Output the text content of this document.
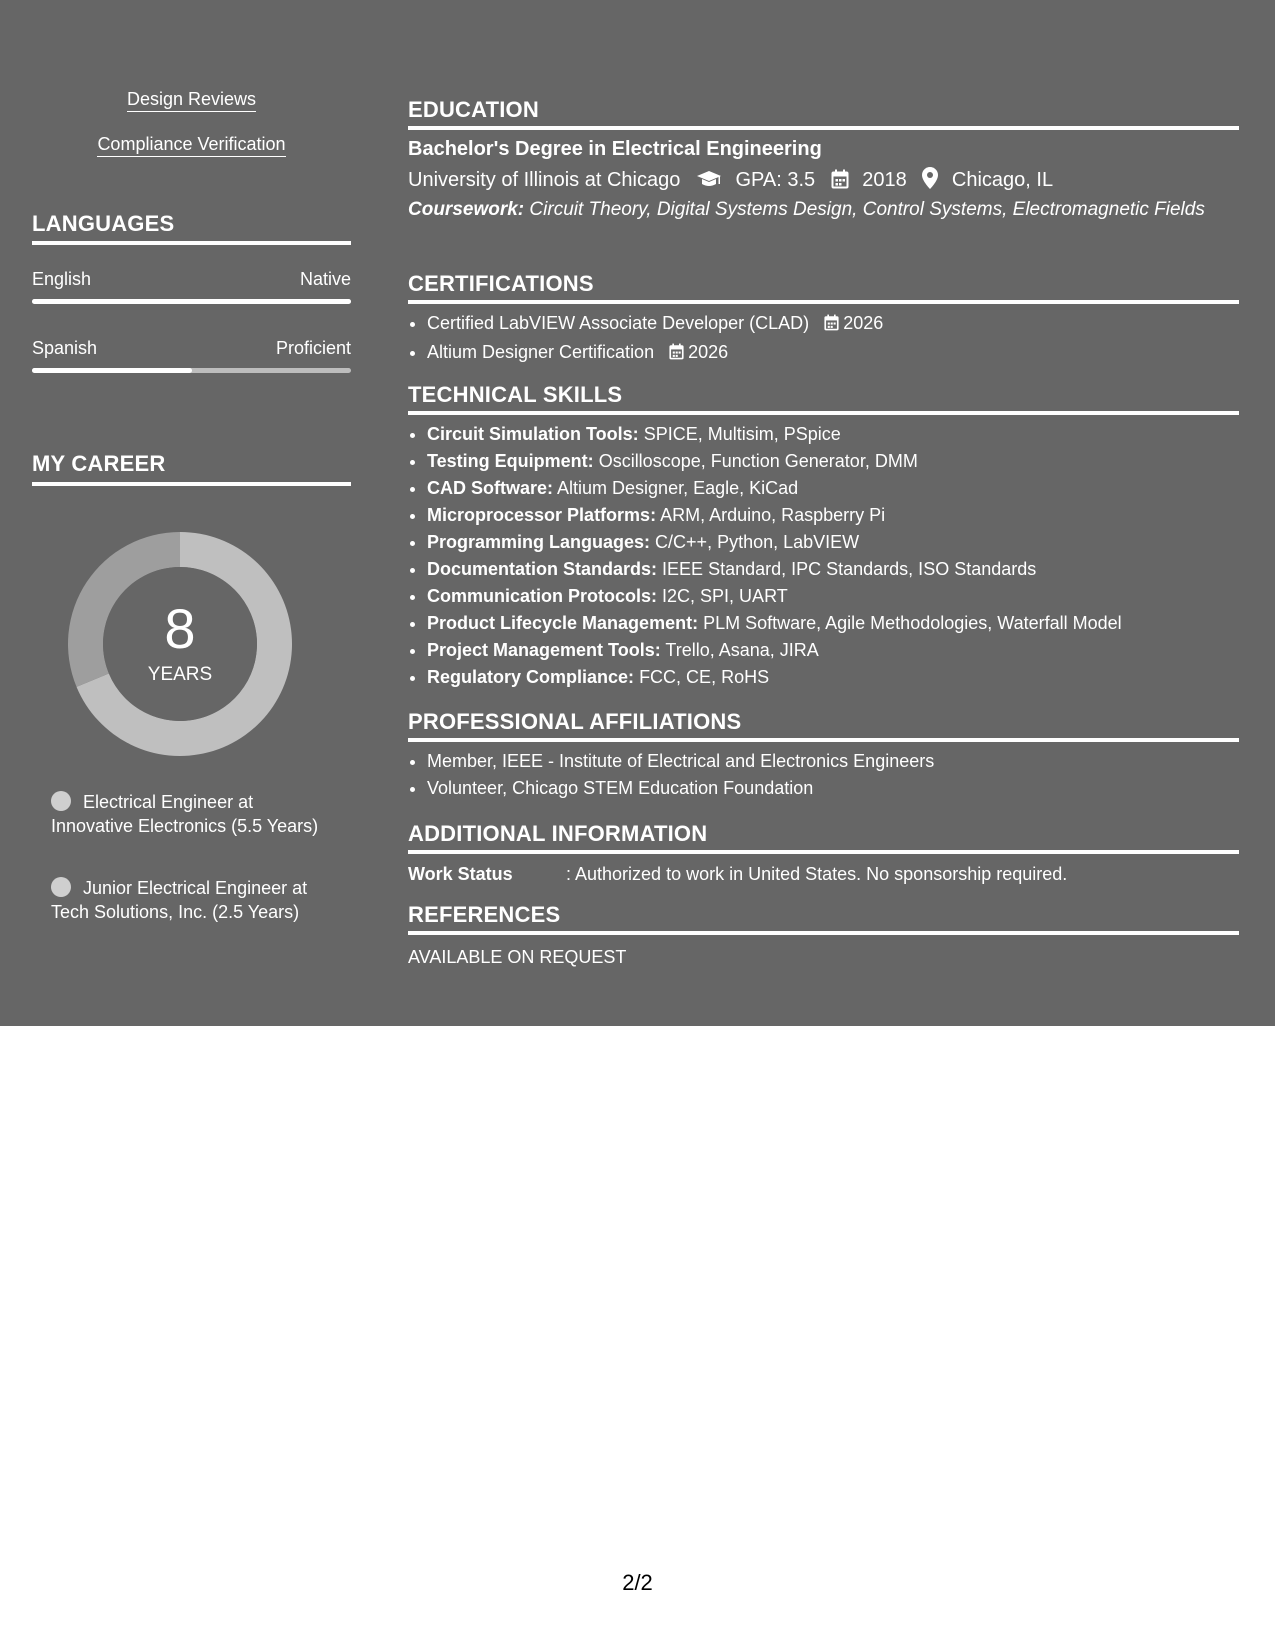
Design Reviews
Compliance Verification
LANGUAGES
English	Native
Spanish	Proficient
MY CAREER
8
YEARS
Electrical Engineer at Innovative Electronics (5.5 Years)
Junior Electrical Engineer at Tech Solutions, Inc. (2.5 Years)
EDUCATION
Bachelor's Degree in Electrical Engineering
University of Illinois at Chicago	GPA: 3.5 2018 Chicago, IL
Coursework: Circuit Theory, Digital Systems Design, Control Systems, Electromagnetic Fields
CERTIFICATIONS
• Certified LabVIEW Associate Developer (CLAD) 2026
• Altium Designer Certification 2026
TECHNICAL SKILLS
• Circuit Simulation Tools: SPICE, Multisim, PSpice
• Testing Equipment: Oscilloscope, Function Generator, DMM
• CAD Software: Altium Designer, Eagle, KiCad
• Microprocessor Platforms: ARM, Arduino, Raspberry Pi
• Programming Languages: C/C++, Python, LabVIEW
• Documentation Standards: IEEE Standard, IPC Standards, ISO Standards
• Communication Protocols: I2C, SPI, UART
• Product Lifecycle Management: PLM Software, Agile Methodologies, Waterfall Model
• Project Management Tools: Trello, Asana, JIRA
• Regulatory Compliance: FCC, CE, RoHS
PROFESSIONAL AFFILIATIONS
• Member, IEEE - Institute of Electrical and Electronics Engineers
• Volunteer, Chicago STEM Education Foundation
ADDITIONAL INFORMATION
Work Status	: Authorized to work in United States. No sponsorship required.
REFERENCES
AVAILABLE ON REQUEST
2/2
